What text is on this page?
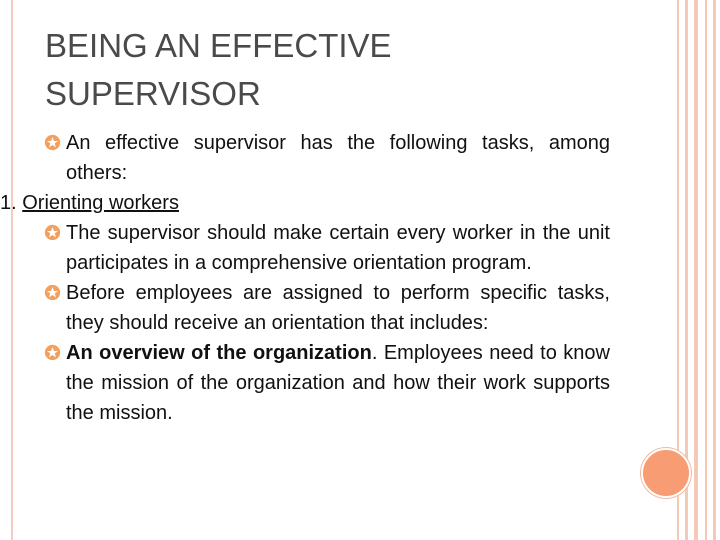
BEING AN EFFECTIVE SUPERVISOR
An effective supervisor has the following tasks, among others:
1. Orienting workers
The supervisor should make certain every worker in the unit participates in a comprehensive orientation program.
Before employees are assigned to perform specific tasks, they should receive an orientation that includes:
An overview of the organization. Employees need to know the mission of the organization and how their work supports the mission.
